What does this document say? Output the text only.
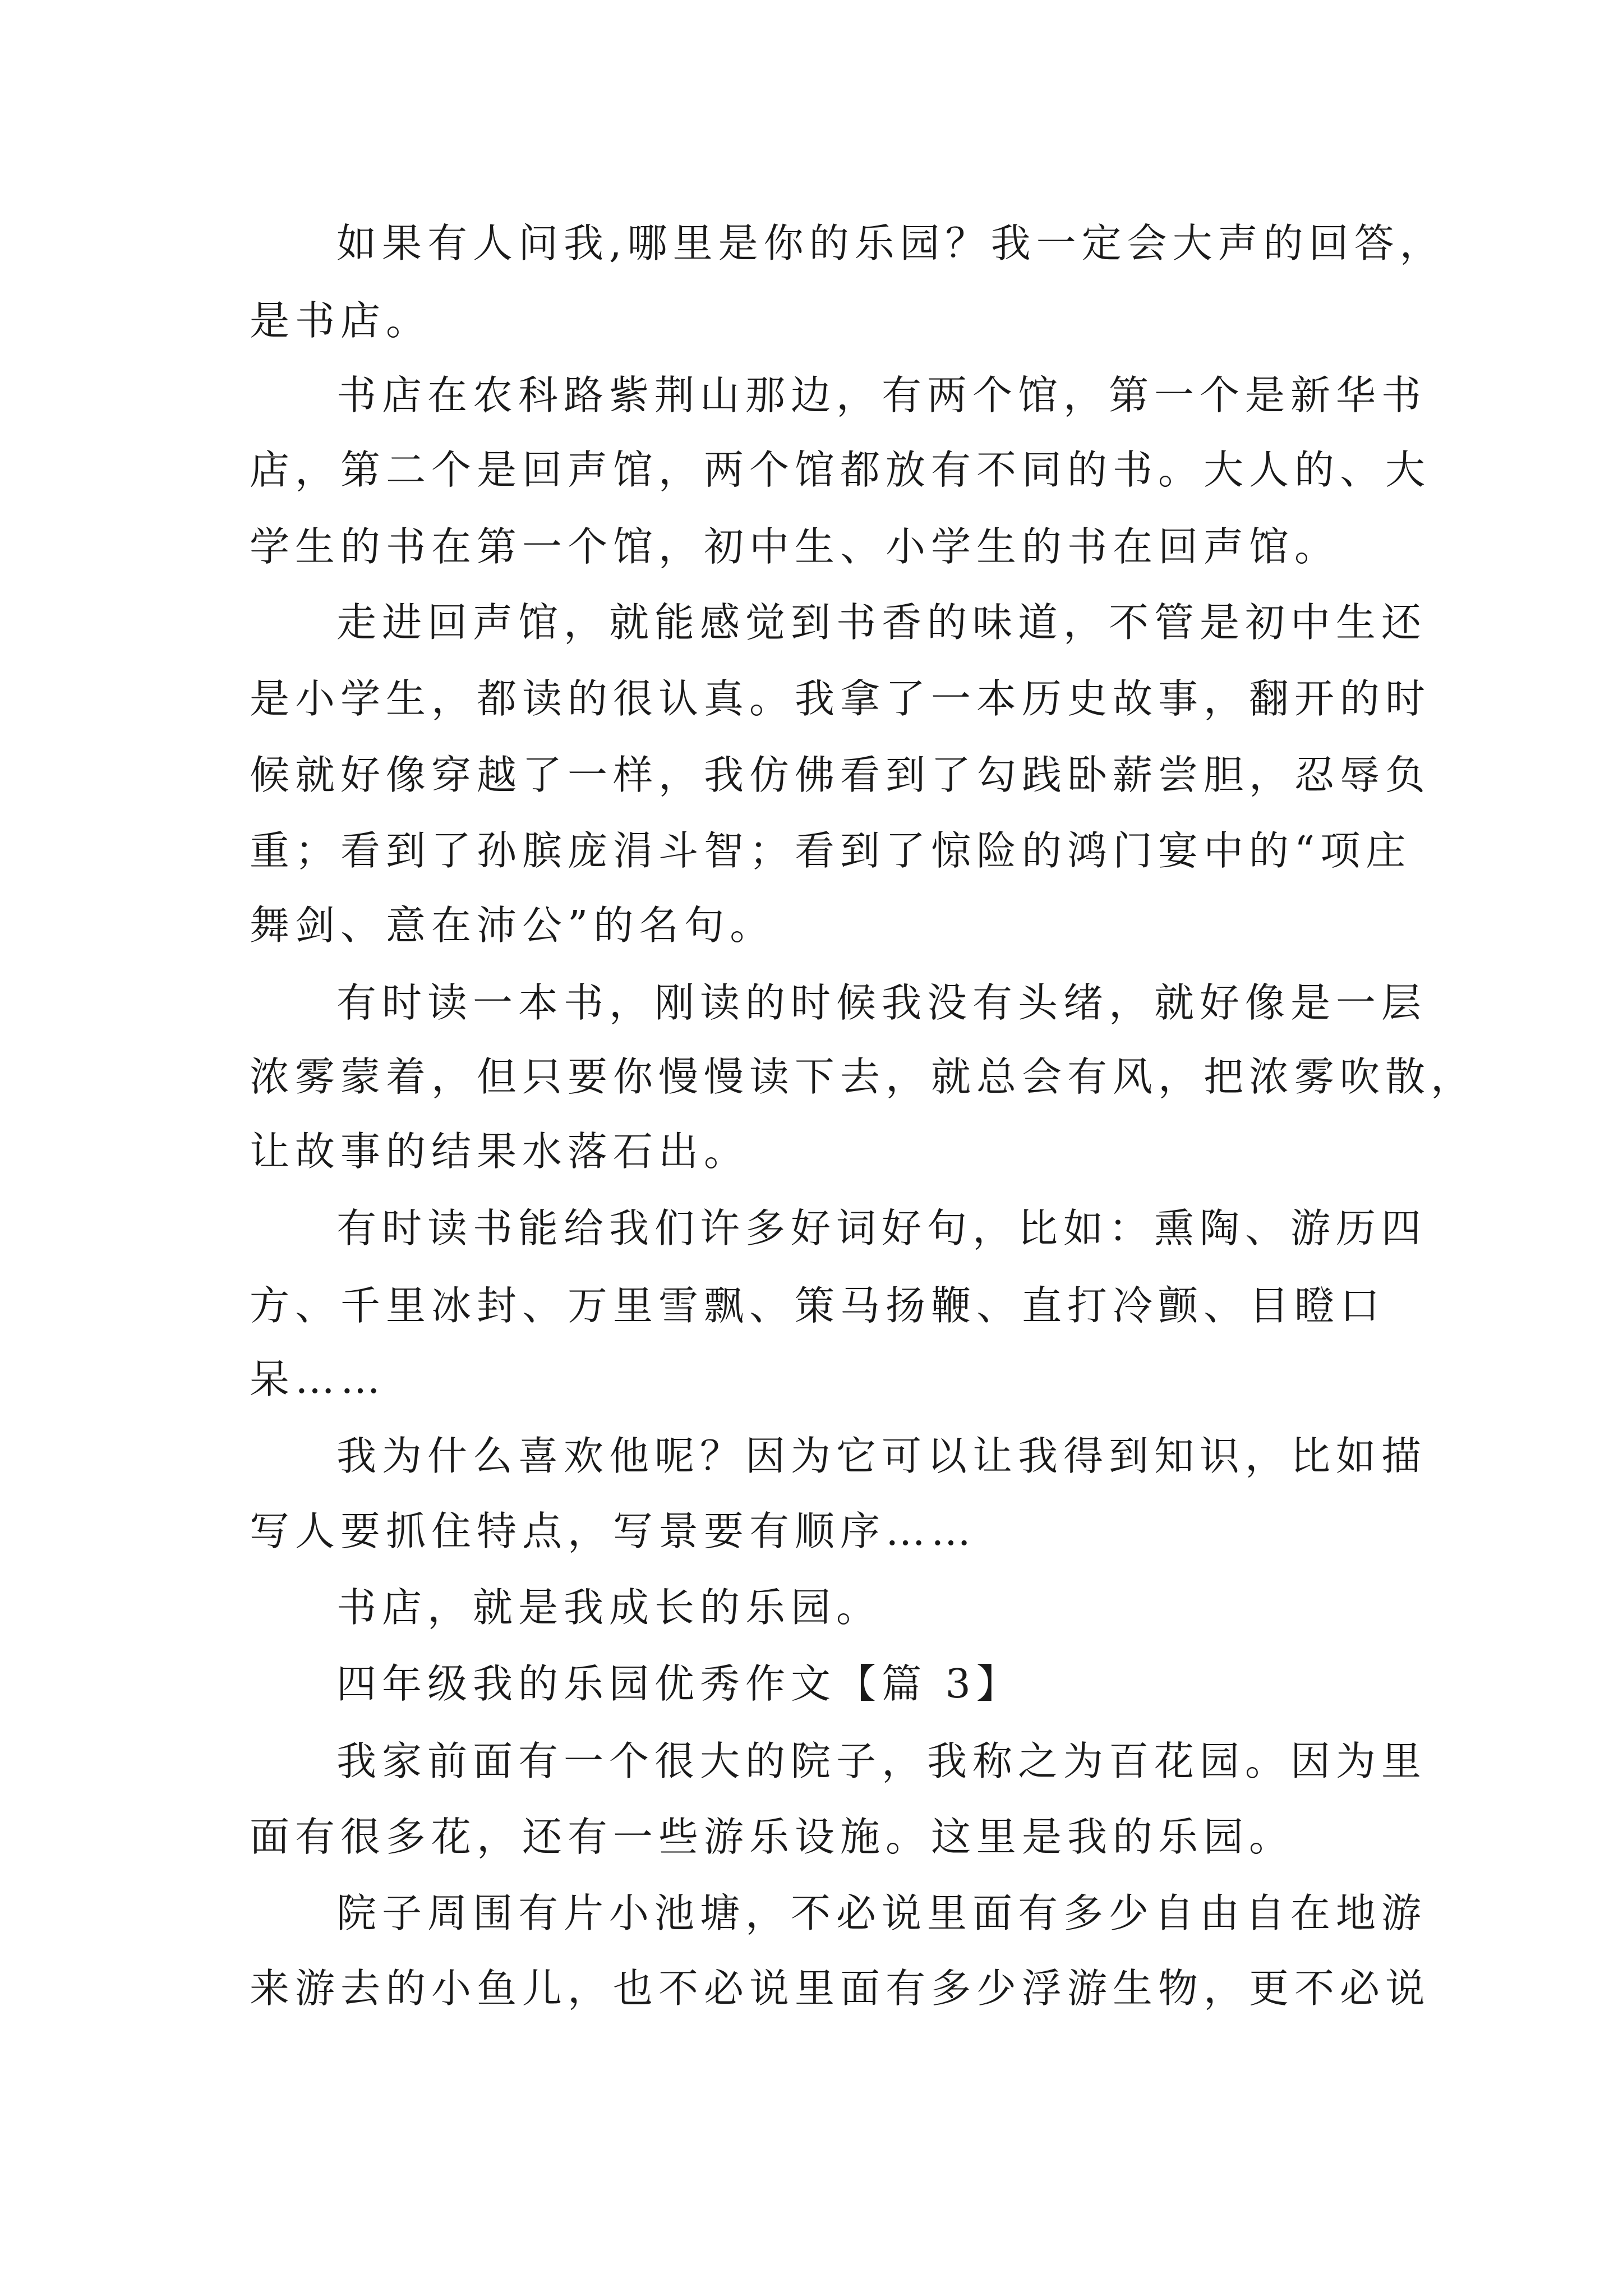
如果有人问我,哪里是你的乐园？我一定会大声的回答，
是书店。
书店在农科路紫荆山那边，有两个馆，第一个是新华书
店，第二个是回声馆，两个馆都放有不同的书。大人的、大
学生的书在第一个馆，初中生、小学生的书在回声馆。
走进回声馆，就能感觉到书香的味道，不管是初中生还
是小学生，都读的很认真。我拿了一本历史故事，翻开的时
候就好像穿越了一样，我仿佛看到了勾践卧薪尝胆，忍辱负
重；看到了孙膑庞涓斗智；看到了惊险的鸿门宴中的“项庄
舞剑、意在沛公”的名句。
有时读一本书，刚读的时候我没有头绪，就好像是一层
浓雾蒙着，但只要你慢慢读下去，就总会有风，把浓雾吹散，
让故事的结果水落石出。
有时读书能给我们许多好词好句，比如：熏陶、游历四
方、千里冰封、万里雪飘、策马扬鞭、直打冷颤、目瞪口
呆……
我为什么喜欢他呢？因为它可以让我得到知识，比如描
写人要抓住特点，写景要有顺序……
书店，就是我成长的乐园。
四年级我的乐园优秀作文【篇 3】
我家前面有一个很大的院子，我称之为百花园。因为里
面有很多花，还有一些游乐设施。这里是我的乐园。
院子周围有片小池塘，不必说里面有多少自由自在地游
来游去的小鱼儿，也不必说里面有多少浮游生物，更不必说
